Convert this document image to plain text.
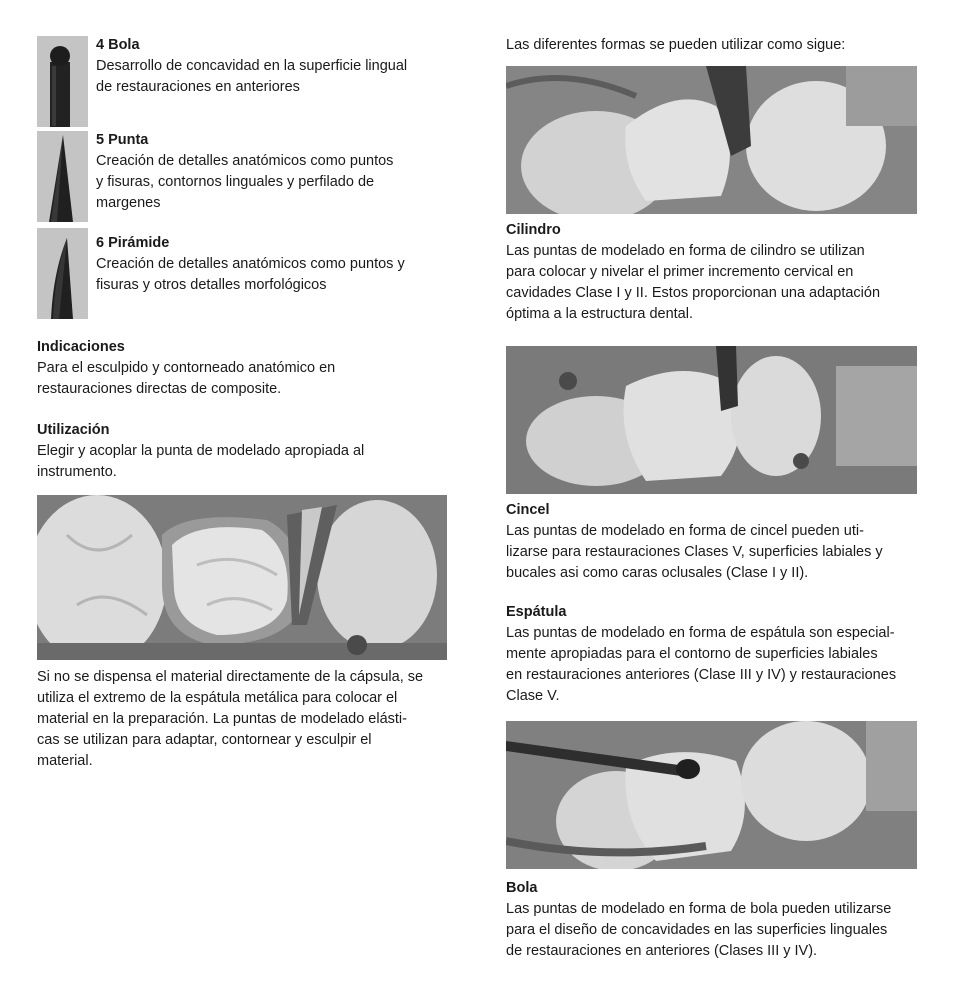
4 Bola
Desarrollo de concavidad en la superficie lingual
de restauraciones en anteriores
5 Punta
Creación de detalles anatómicos como puntos
y fisuras, contornos linguales y perfilado de
margenes
6 Pirámide
Creación de detalles anatómicos como puntos y
fisuras y otros detalles morfológicos
Indicaciones
Para el esculpido y contorneado anatómico en
restauraciones directas de composite.
Utilización
Elegir y acoplar la punta de modelado apropiada al
instrumento.
Si no se dispensa el material directamente de la cápsula, se
utiliza el extremo de la espátula metálica para colocar el
material en la preparación. La puntas de modelado elásti-
cas se utilizan para adaptar, contornear y esculpir el
material.
Las diferentes formas se pueden utilizar como sigue:
Cilindro
Las puntas de modelado en forma de cilindro se utilizan
para colocar y nivelar el primer incremento cervical en
cavidades Clase I y II. Estos proporcionan una adaptación
óptima a la estructura dental.
Cincel
Las puntas de modelado en forma de cincel pueden uti-
lizarse para restauraciones Clases V, superficies labiales y
bucales asi como caras oclusales (Clase I y II).
Espátula
Las puntas de modelado en forma de espátula son especial-
mente apropiadas para el contorno de superficies labiales
en restauraciones anteriores (Clase III y IV) y restauraciones
Clase V.
Bola
Las puntas de modelado en forma de bola pueden utilizarse
para el diseño de concavidades en las superficies linguales
de restauraciones en anteriores (Clases III y IV).
